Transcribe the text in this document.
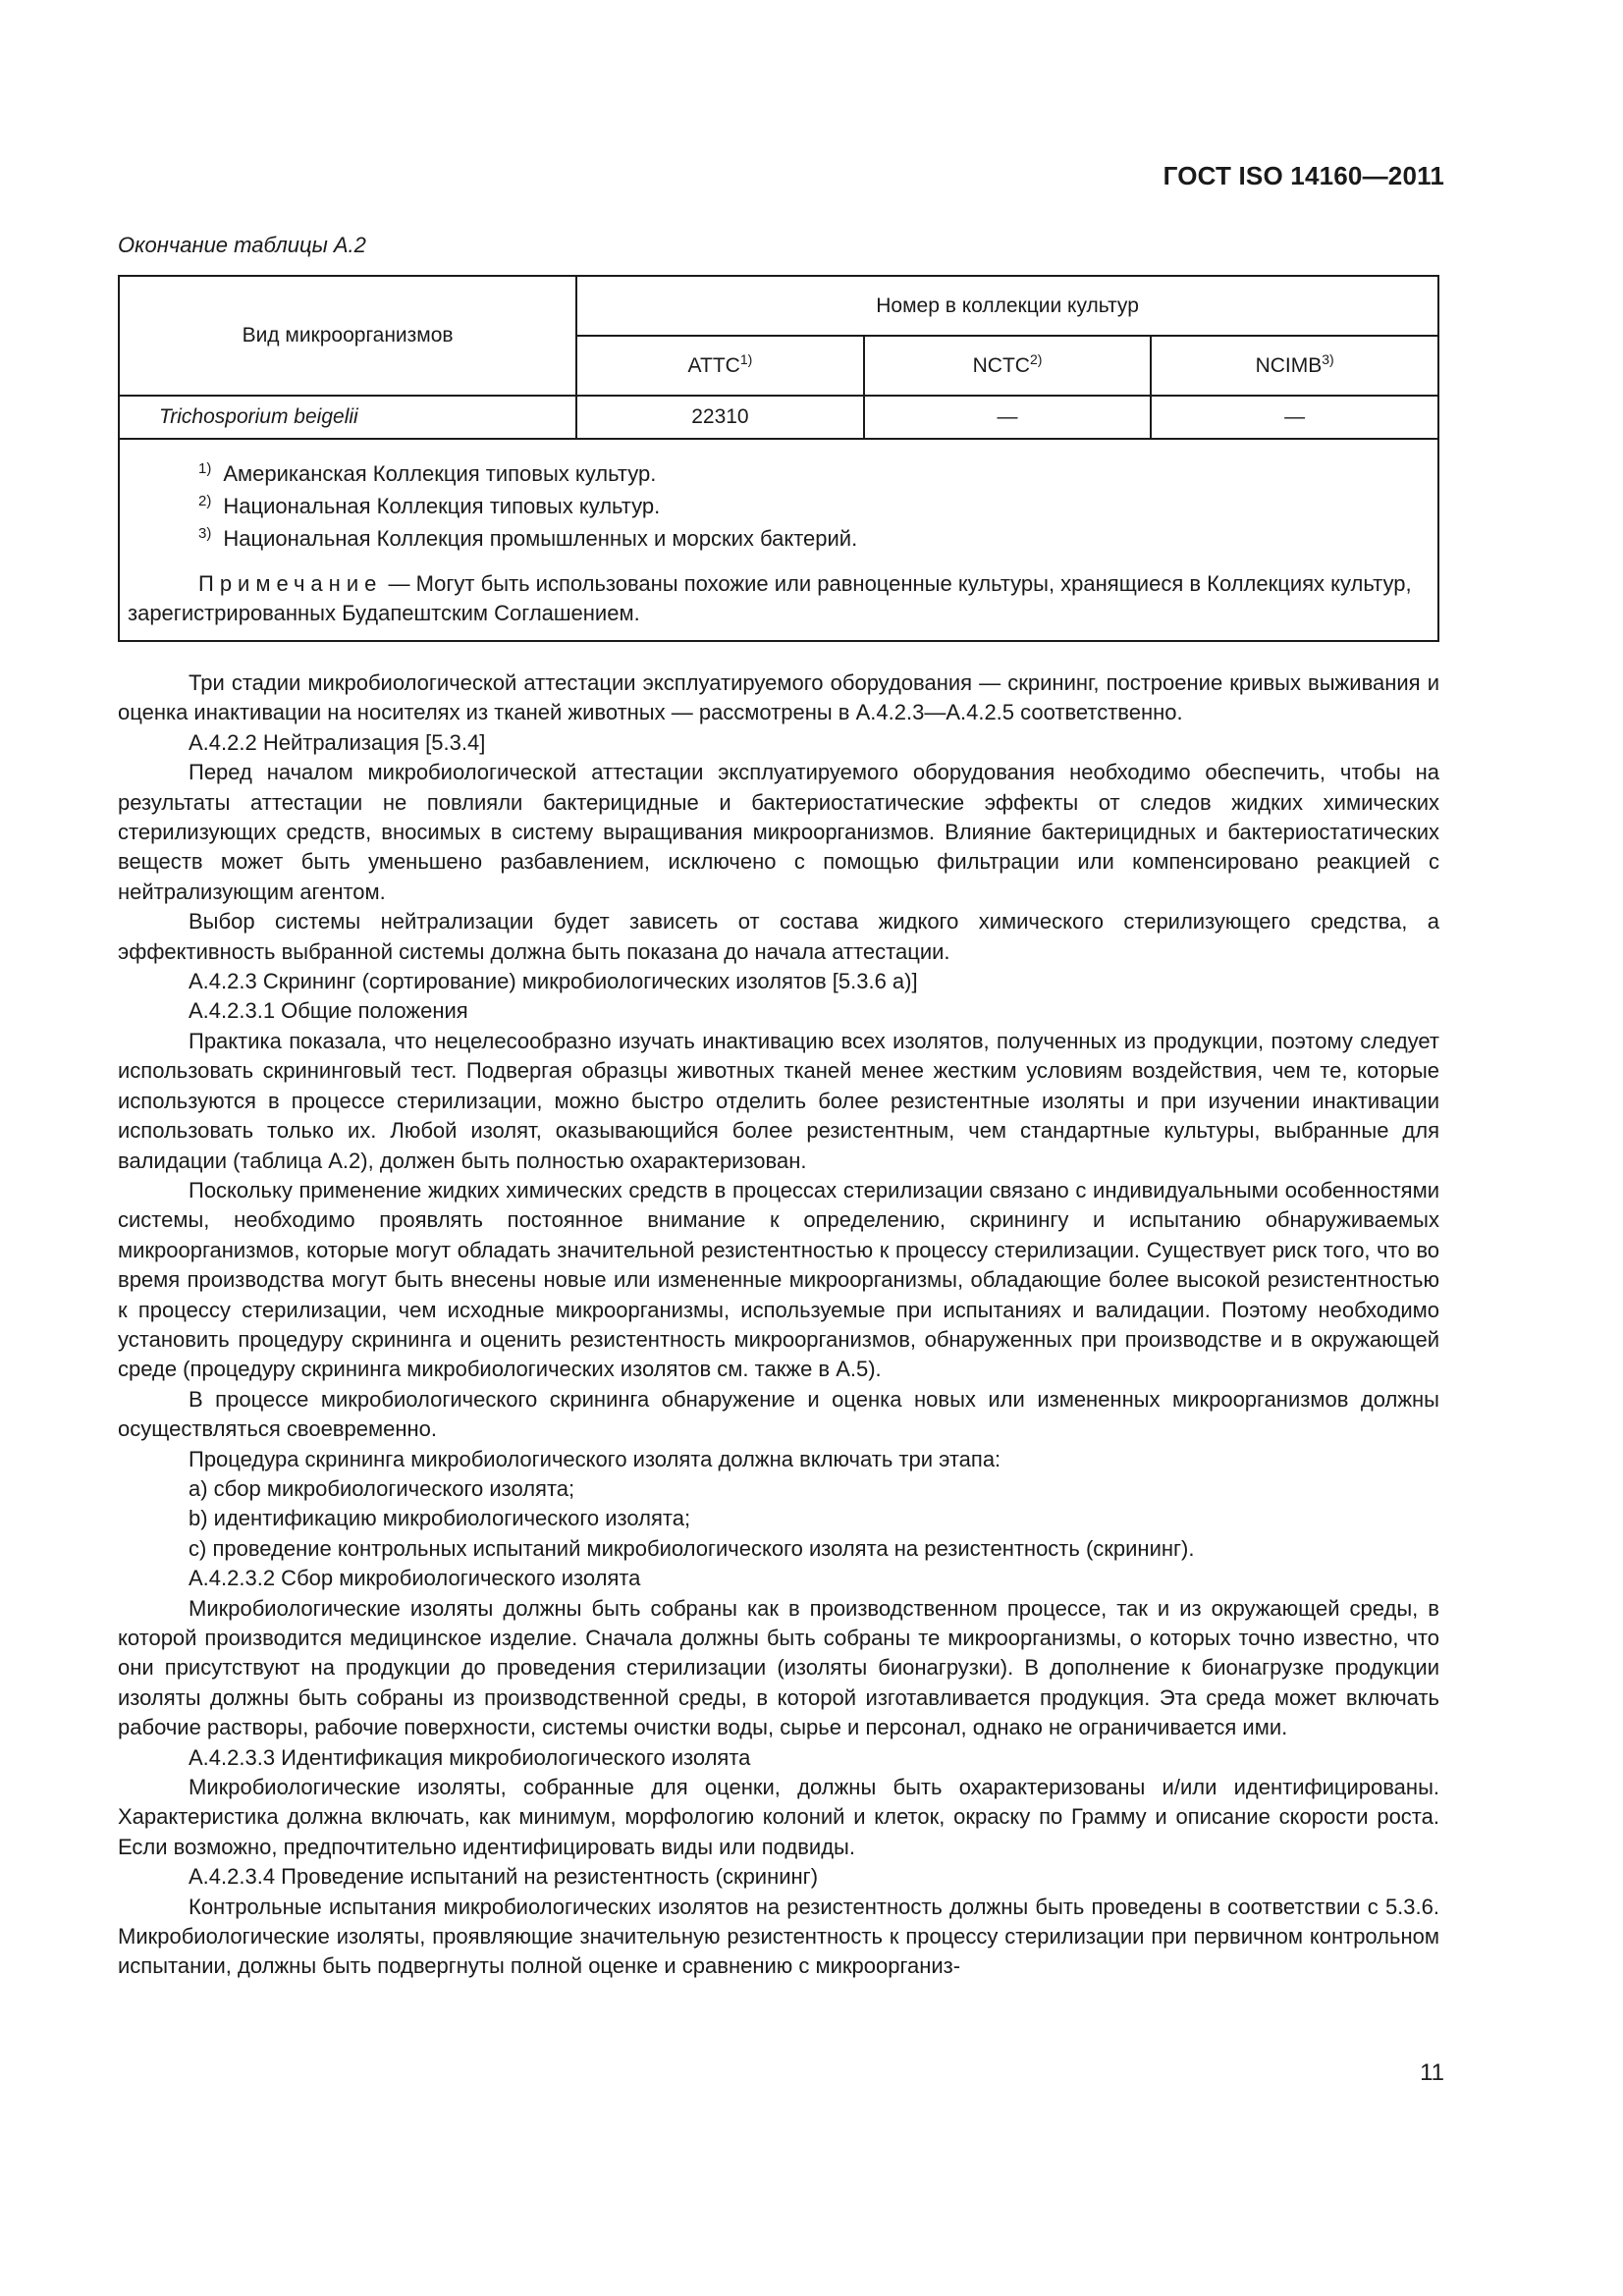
ГОСТ ISO 14160—2011
Окончание таблицы А.2
Вид микроорганизмов	Номер в коллекции культур		
	ATTC$^{1)}$	NCTC$^{2)}$	NCIMB$^{3)}$
Trichosporium beigelii	22310	—	—

$^{1)}$ Американская Коллекция типовых культур.
$^{2)}$ Национальная Коллекция типовых культур.
$^{3)}$ Национальная Коллекция промышленных и морских бактерий.
Примечание — Могут быть использованы похожие или равноценные культуры, хранящиеся в Коллекциях культур, зарегистрированных Будапештским Соглашением.			

Три стадии микробиологической аттестации эксплуатируемого оборудования — скрининг, построение кривых выживания и оценка инактивации на носителях из тканей животных — рассмотрены в А.4.2.3—А.4.2.5 соответственно.

А.4.2.2 Нейтрализация [5.3.4]

Перед началом микробиологической аттестации эксплуатируемого оборудования необходимо обеспечить, чтобы на результаты аттестации не повлияли бактерицидные и бактериостатические эффекты от следов жидких химических стерилизующих средств, вносимых в систему выращивания микроорганизмов. Влияние бактерицидных и бактериостатических веществ может быть уменьшено разбавлением, исключено с помощью фильтрации или компенсировано реакцией с нейтрализующим агентом.

Выбор системы нейтрализации будет зависеть от состава жидкого химического стерилизующего средства, а эффективность выбранной системы должна быть показана до начала аттестации.

А.4.2.3 Скрининг (сортирование) микробиологических изолятов [5.3.6 а)]

А.4.2.3.1 Общие положения

Практика показала, что нецелесообразно изучать инактивацию всех изолятов, полученных из продукции, поэтому следует использовать скрининговый тест. Подвергая образцы животных тканей менее жестким условиям воздействия, чем те, которые используются в процессе стерилизации, можно быстро отделить более резистентные изоляты и при изучении инактивации использовать только их. Любой изолят, оказывающийся более резистентным, чем стандартные культуры, выбранные для валидации (таблица А.2), должен быть полностью охарактеризован.

Поскольку применение жидких химических средств в процессах стерилизации связано с индивидуальными особенностями системы, необходимо проявлять постоянное внимание к определению, скринингу и испытанию обнаруживаемых микроорганизмов, которые могут обладать значительной резистентностью к процессу стерилизации. Существует риск того, что во время производства могут быть внесены новые или измененные микроорганизмы, обладающие более высокой резистентностью к процессу стерилизации, чем исходные микроорганизмы, используемые при испытаниях и валидации. Поэтому необходимо установить процедуру скрининга и оценить резистентность микроорганизмов, обнаруженных при производстве и в окружающей среде (процедуру скрининга микробиологических изолятов см. также в А.5).

В процессе микробиологического скрининга обнаружение и оценка новых или измененных микроорганизмов должны осуществляться своевременно.

Процедура скрининга микробиологического изолята должна включать три этапа:

a) сбор микробиологического изолята;

b) идентификацию микробиологического изолята;

c) проведение контрольных испытаний микробиологического изолята на резистентность (скрининг).

А.4.2.3.2 Сбор микробиологического изолята

Микробиологические изоляты должны быть собраны как в производственном процессе, так и из окружающей среды, в которой производится медицинское изделие. Сначала должны быть собраны те микроорганизмы, о которых точно известно, что они присутствуют на продукции до проведения стерилизации (изоляты бионагрузки). В дополнение к бионагрузке продукции изоляты должны быть собраны из производственной среды, в которой изготавливается продукция. Эта среда может включать рабочие растворы, рабочие поверхности, системы очистки воды, сырье и персонал, однако не ограничивается ими.

А.4.2.3.3 Идентификация микробиологического изолята

Микробиологические изоляты, собранные для оценки, должны быть охарактеризованы и/или идентифицированы. Характеристика должна включать, как минимум, морфологию колоний и клеток, окраску по Грамму и описание скорости роста. Если возможно, предпочтительно идентифицировать виды или подвиды.

А.4.2.3.4 Проведение испытаний на резистентность (скрининг)

Контрольные испытания микробиологических изолятов на резистентность должны быть проведены в соответствии с 5.3.6. Микробиологические изоляты, проявляющие значительную резистентность к процессу стерилизации при первичном контрольном испытании, должны быть подвергнуты полной оценке и сравнению с микроорганиз-

11
